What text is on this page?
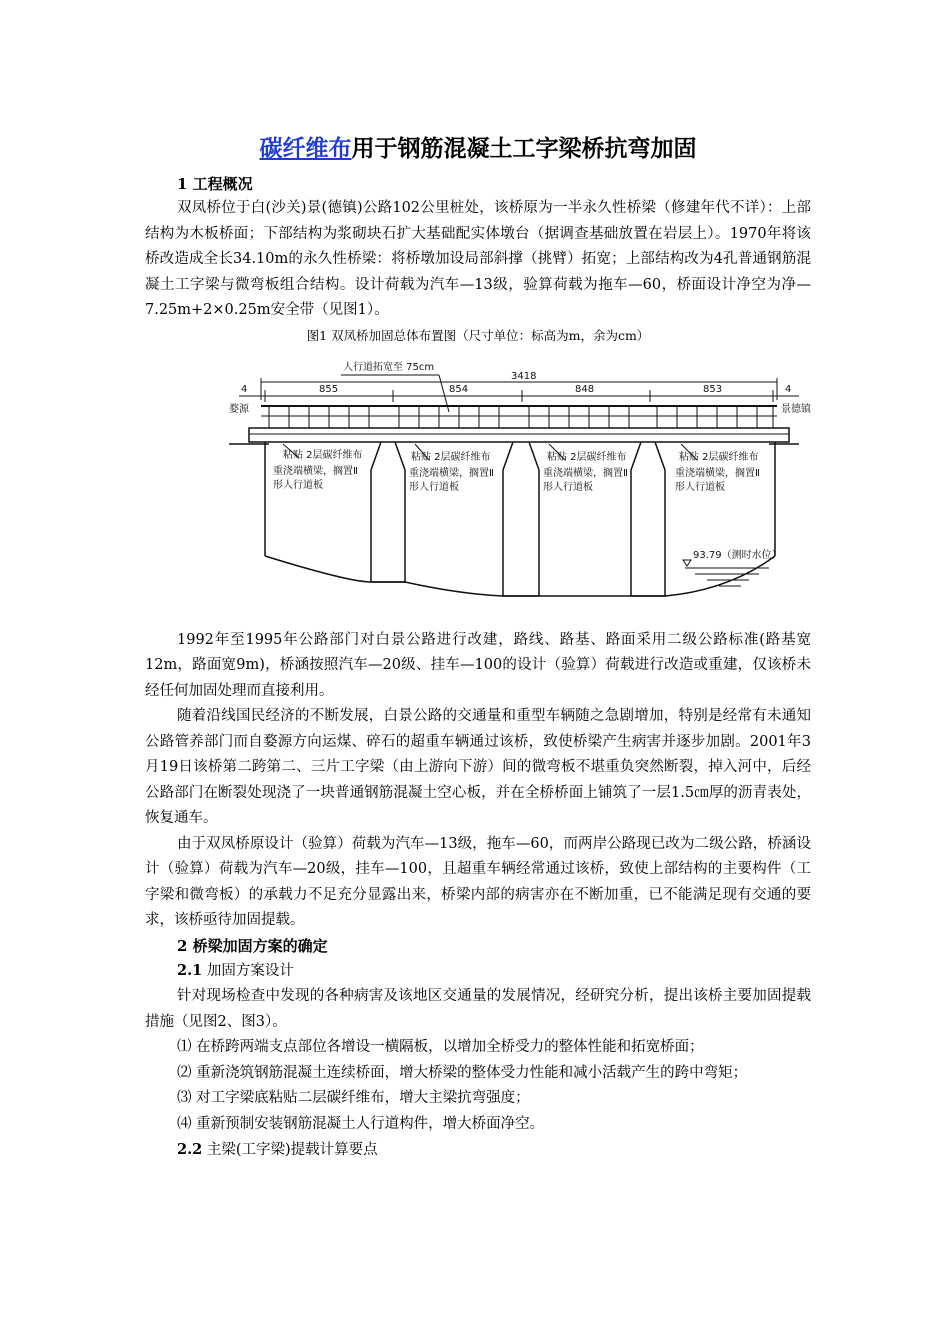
碳纤维布用于钢筋混凝土工字梁桥抗弯加固
1 工程概况

双凤桥位于白(沙关)景(德镇)公路102公里桩处，该桥原为一半永久性桥梁（修建年代不详）：上部结构为木板桥面；下部结构为浆砌块石扩大基础配实体墩台（据调查基础放置在岩层上）。1970年将该桥改造成全长34.10m的永久性桥梁：将桥墩加设局部斜撑（挑臂）拓宽；上部结构改为4孔普通钢筋混凝土工字梁与微弯板组合结构。设计荷载为汽车—13级，验算荷载为拖车—60，桥面设计净空为净—7.25m+2×0.25m安全带（见图1）。

图1 双凤桥加固总体布置图（尺寸单位：标高为m，余为cm）
人行道拓宽至 75cm
3418
4	4
855	854	848	853
婺源	景德镇
粘贴 2层碳纤维布
重浇端横梁，搁置Ⅱ
形人行道板
粘贴 2层碳纤维布
重浇端横梁，搁置Ⅱ
形人行道板
粘贴 2层碳纤维布
重浇端横梁，搁置Ⅱ
形人行道板
粘贴 2层碳纤维布
重浇端横梁，搁置Ⅱ
形人行道板
93.79（测时水位）

1992年至1995年公路部门对白景公路进行改建，路线、路基、路面采用二级公路标准(路基宽12m，路面宽9m)，桥涵按照汽车—20级、挂车—100的设计（验算）荷载进行改造或重建，仅该桥未经任何加固处理而直接利用。

随着沿线国民经济的不断发展，白景公路的交通量和重型车辆随之急剧增加，特别是经常有未通知公路管养部门而自婺源方向运煤、碎石的超重车辆通过该桥，致使桥梁产生病害并逐步加剧。2001年3月19日该桥第二跨第二、三片工字梁（由上游向下游）间的微弯板不堪重负突然断裂，掉入河中，后经公路部门在断裂处现浇了一块普通钢筋混凝土空心板，并在全桥桥面上铺筑了一层1.5㎝厚的沥青表处，恢复通车。

由于双凤桥原设计（验算）荷载为汽车—13级，拖车—60，而两岸公路现已改为二级公路，桥涵设计（验算）荷载为汽车—20级，挂车—100，且超重车辆经常通过该桥，致使上部结构的主要构件（工字梁和微弯板）的承载力不足充分显露出来，桥梁内部的病害亦在不断加重，已不能满足现有交通的要求，该桥亟待加固提载。

2 桥梁加固方案的确定
2.1 加固方案设计

针对现场检查中发现的各种病害及该地区交通量的发展情况，经研究分析，提出该桥主要加固提载措施（见图2、图3）。

⑴ 在桥跨两端支点部位各增设一横隔板，以增加全桥受力的整体性能和拓宽桥面；
⑵ 重新浇筑钢筋混凝土连续桥面，增大桥梁的整体受力性能和减小活载产生的跨中弯矩；
⑶ 对工字梁底粘贴二层碳纤维布，增大主梁抗弯强度；
⑷ 重新预制安装钢筋混凝土人行道构件，增大桥面净空。
2.2 主梁(工字梁)提载计算要点
